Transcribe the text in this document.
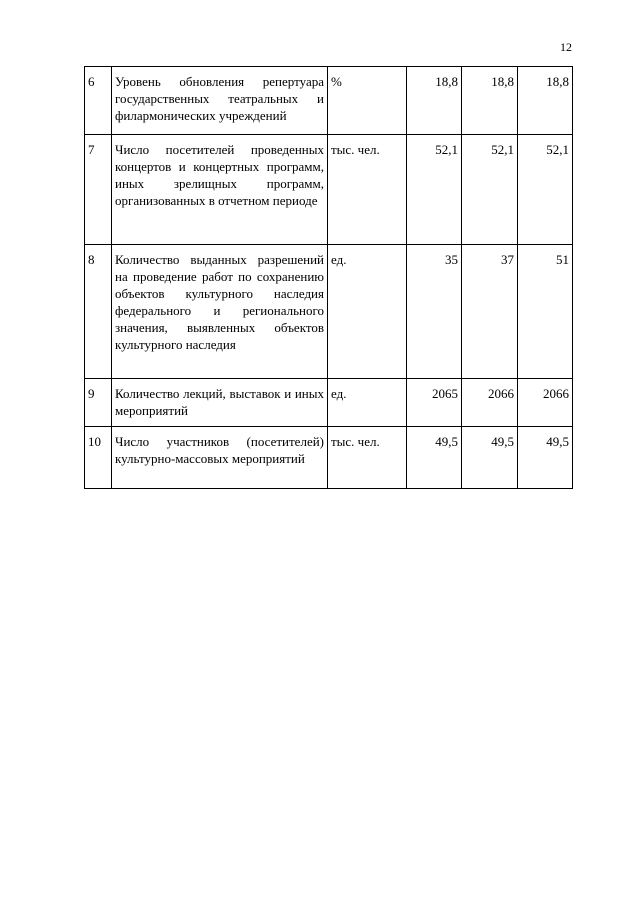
12
6	Уровень обновления репертуара государственных театральных и филармонических учреждений	%	18,8	18,8	18,8
7	Число посетителей проведенных концертов и концертных программ, иных зрелищных программ, организованных в отчетном периоде	тыс. чел.	52,1	52,1	52,1
8	Количество выданных разрешений на проведение работ по сохранению объектов культурного наследия федерального и регионального значения, выявленных объектов культурного наследия	ед.	35	37	51
9	Количество лекций, выставок и иных мероприятий	ед.	2065	2066	2066
10	Число участников (посетителей) культурно-массовых мероприятий	тыс. чел.	49,5	49,5	49,5
